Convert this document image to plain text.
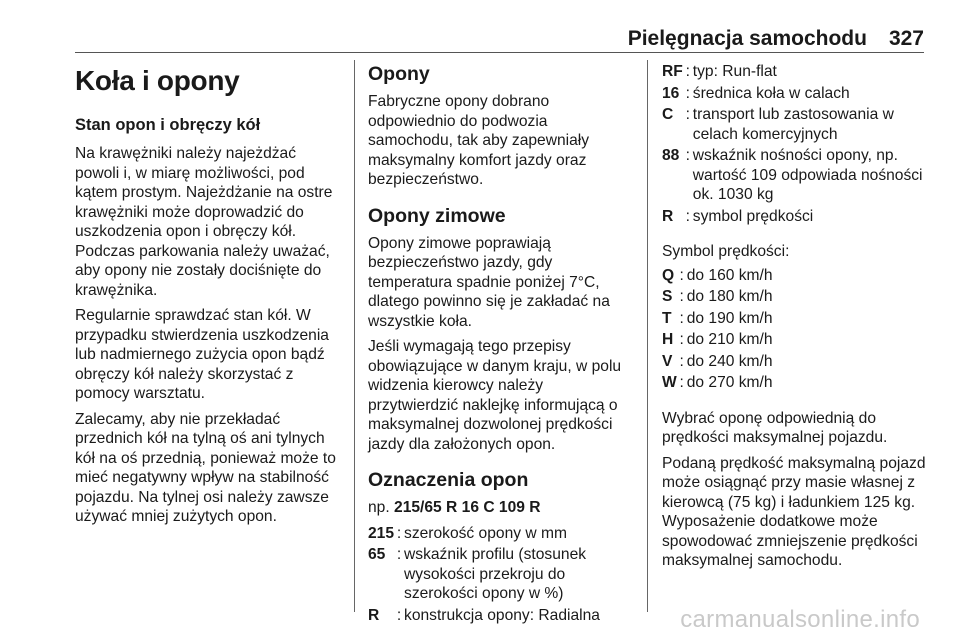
Pielęgnacja samochodu 327
Koła i opony
Stan opon i obręczy kół

Na krawężniki należy najeżdżać powoli i, w miarę możliwości, pod kątem prostym. Najeżdżanie na ostre krawężniki może doprowadzić do uszkodzenia opon i obręczy kół. Podczas parkowania należy uważać, aby opony nie zostały dociśnięte do krawężnika.

Regularnie sprawdzać stan kół. W przypadku stwierdzenia uszkodzenia lub nadmiernego zużycia opon bądź obręczy kół należy skorzystać z pomocy warsztatu.

Zalecamy, aby nie przekładać przednich kół na tylną oś ani tylnych kół na oś przednią, ponieważ może to mieć negatywny wpływ na stabilność pojazdu. Na tylnej osi należy zawsze używać mniej zużytych opon.

Opony

Fabryczne opony dobrano odpowiednio do podwozia samochodu, tak aby zapewniały maksymalny komfort jazdy oraz bezpieczeństwo.

Opony zimowe

Opony zimowe poprawiają bezpieczeństwo jazdy, gdy temperatura spadnie poniżej 7°C, dlatego powinno się je zakładać na wszystkie koła.

Jeśli wymagają tego przepisy obowiązujące w danym kraju, w polu widzenia kierowcy należy przytwierdzić naklejkę informującą o maksymalnej dozwolonej prędkości jazdy dla założonych opon.

Oznaczenia opon
np. 215/65 R 16 C 109 R
215 : szerokość opony w mm
65 : wskaźnik profilu (stosunek wysokości przekroju do szerokości opony w %)
R	: konstrukcja opony: Radialna
RF : typ: Run-flat
16 : średnica koła w calach
C : transport lub zastosowania w celach komercyjnych
88 : wskaźnik nośności opony, np. wartość 109 odpowiada nośności ok. 1030 kg
R : symbol prędkości

Symbol prędkości:

Q : do 160 km/h
S : do 180 km/h
T : do 190 km/h
H : do 210 km/h
V : do 240 km/h
W : do 270 km/h

Wybrać oponę odpowiednią do prędkości maksymalnej pojazdu.

Podaną prędkość maksymalną pojazd może osiągnąć przy masie własnej z kierowcą (75 kg) i ładunkiem 125 kg. Wyposażenie dodatkowe może spowodować zmniejszenie prędkości maksymalnej samochodu.

carmanualsonline.info
